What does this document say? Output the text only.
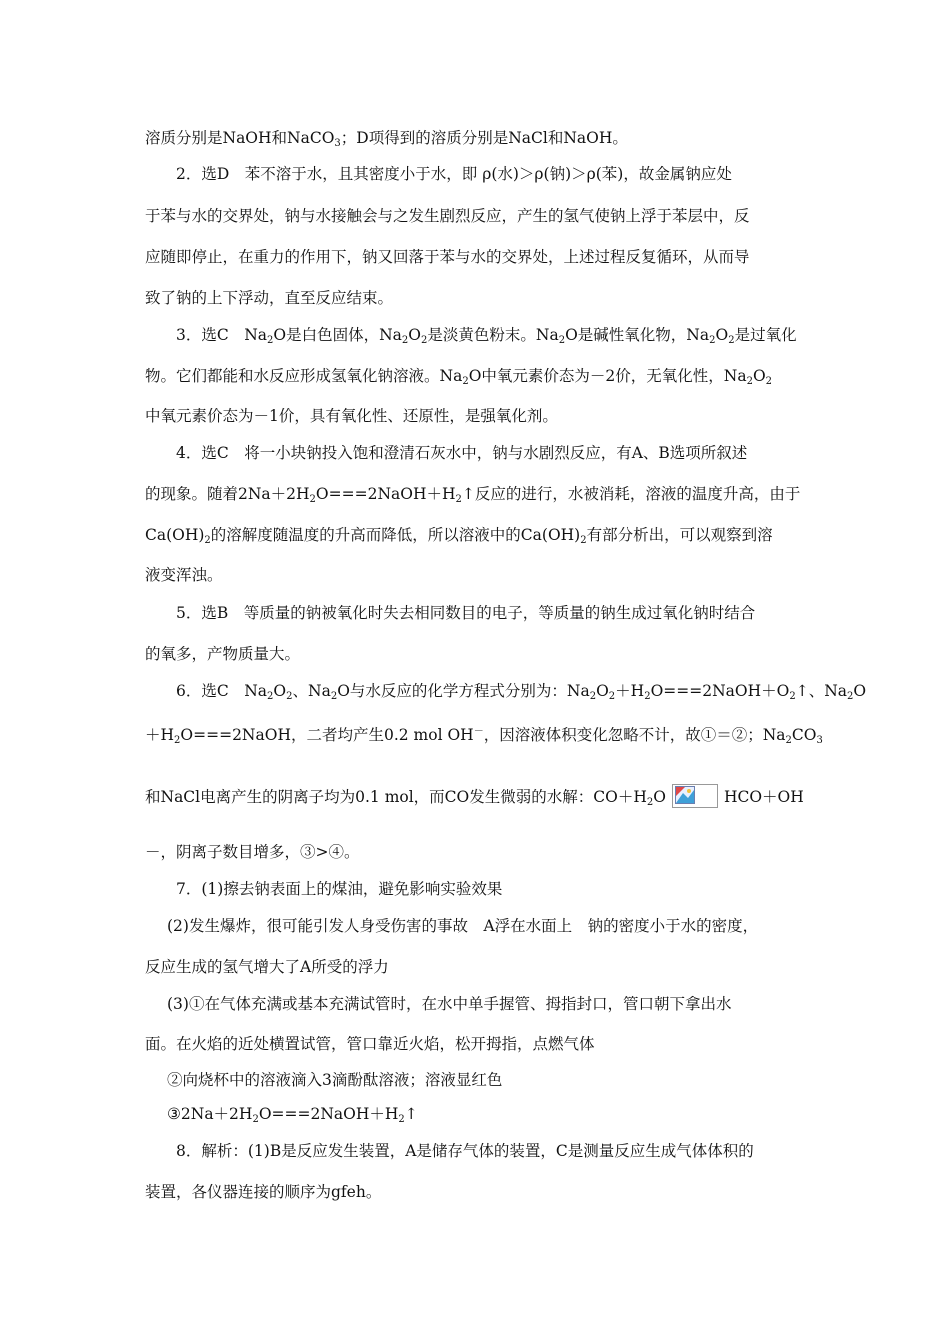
溶质分别是NaOH和NaCO$_3$；D项得到的溶质分别是NaCl和NaOH。
2．选D　苯不溶于水，且其密度小于水，即 ρ(水)＞ρ(钠)＞ρ(苯)，故金属钠应处
于苯与水的交界处，钠与水接触会与之发生剧烈反应，产生的氢气使钠上浮于苯层中，反
应随即停止，在重力的作用下，钠又回落于苯与水的交界处，上述过程反复循环，从而导
致了钠的上下浮动，直至反应结束。
3．选C　$Na_2O$是白色固体，$Na_2O_2$是淡黄色粉末。$Na_2O$是碱性氧化物，$Na_2O_2$是过氧化
物。它们都能和水反应形成氢氧化钠溶液。$Na_2O$中氧元素价态为－2价，无氧化性，$Na_2O_2$
中氧元素价态为－1价，具有氧化性、还原性，是强氧化剂。
4．选C　将一小块钠投入饱和澄清石灰水中，钠与水剧烈反应，有A、B选项所叙述
的现象。随着$2Na+2H_2O===2NaOH+H_2↑$反应的进行，水被消耗，溶液的温度升高，由于
$Ca(OH)_2$的溶解度随温度的升高而降低，所以溶液中的$Ca(OH)_2$有部分析出，可以观察到溶
液变浑浊。
5．选B　等质量的钠被氧化时失去相同数目的电子，等质量的钠生成过氧化钠时结合
的氧多，产物质量大。
6．选C　$Na_2O_2$、$Na_2O$与水反应的化学方程式分别为：$Na_2O_2+H_2O===2NaOH+O_2↑$、$Na_2O$
$+H_2O===2NaOH$，二者均产生0.2 mol OH－，因溶液体积变化忽略不计，故①＝②；$Na_2CO_3$
和NaCl电离产生的阴离子均为0.1 mol，而CO发生微弱的水解：$CO+H_2O$	HCO＋OH
－，阴离子数目增多，③>④。
7．(1)擦去钠表面上的煤油，避免影响实验效果
(2)发生爆炸，很可能引发人身受伤害的事故　A浮在水面上　钠的密度小于水的密度，
反应生成的氢气增大了A所受的浮力
(3)①在气体充满或基本充满试管时，在水中单手握管、拇指封口，管口朝下拿出水
面。在火焰的近处横置试管，管口靠近火焰，松开拇指，点燃气体
②向烧杯中的溶液滴入3滴酚酞溶液；溶液显红色
$③2Na+2H_2O===2NaOH+H_2↑$
8．解析：(1)B是反应发生装置，A是储存气体的装置，C是测量反应生成气体体积的
装置，各仪器连接的顺序为gfeh。
